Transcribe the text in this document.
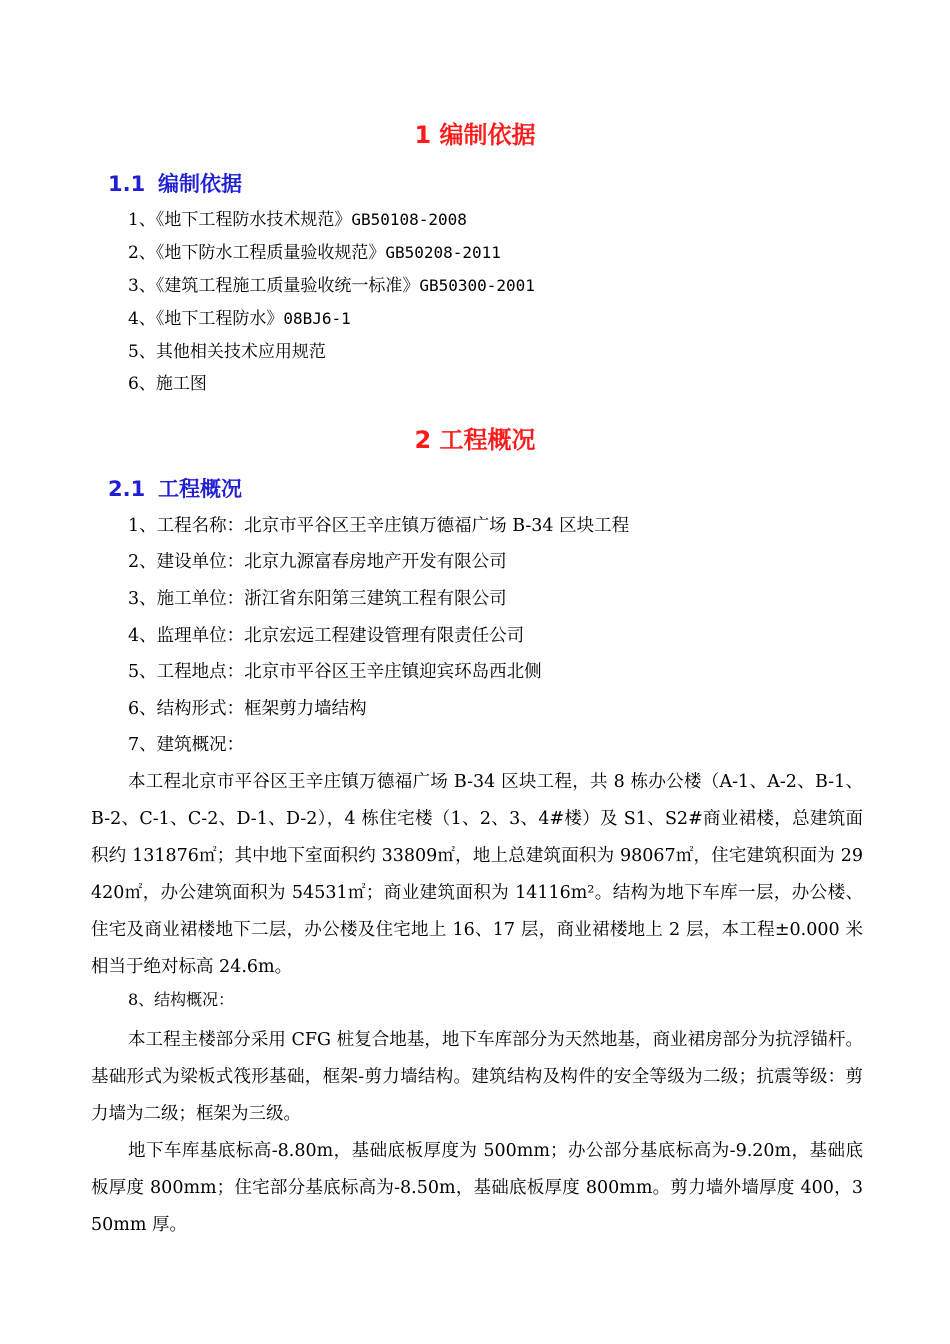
1 编制依据
1.1 编制依据
1、《地下工程防水技术规范》GB50108-2008
2、《地下防水工程质量验收规范》GB50208-2011
3、《建筑工程施工质量验收统一标准》GB50300-2001
4、《地下工程防水》08BJ6-1
5、其他相关技术应用规范
6、施工图
2 工程概况
2.1 工程概况
1、工程名称：北京市平谷区王辛庄镇万德福广场 B-34 区块工程
2、建设单位：北京九源富春房地产开发有限公司
3、施工单位：浙江省东阳第三建筑工程有限公司
4、监理单位：北京宏远工程建设管理有限责任公司
5、工程地点：北京市平谷区王辛庄镇迎宾环岛西北侧
6、结构形式：框架剪力墙结构
7、建筑概况：
本工程北京市平谷区王辛庄镇万德福广场 B-34 区块工程，共 8 栋办公楼（A-1、A-2、B-1、B-2、C-1、C-2、D-1、D-2），4 栋住宅楼（1、2、3、4#楼）及 S1、S2#商业裙楼，总建筑面积约 131876㎡；其中地下室面积约 33809㎡，地上总建筑面积为 98067㎡，住宅建筑积面为 29420㎡，办公建筑面积为 54531㎡；商业建筑面积为 14116m²。结构为地下车库一层，办公楼、住宅及商业裙楼地下二层，办公楼及住宅地上 16、17 层，商业裙楼地上 2 层，本工程±0.000 米相当于绝对标高 24.6m。
8、结构概况：
本工程主楼部分采用 CFG 桩复合地基，地下车库部分为天然地基，商业裙房部分为抗浮锚杆。基础形式为梁板式筏形基础，框架-剪力墙结构。建筑结构及构件的安全等级为二级；抗震等级：剪力墙为二级；框架为三级。
地下车库基底标高-8.80m，基础底板厚度为 500mm；办公部分基底标高为-9.20m，基础底板厚度 800mm；住宅部分基底标高为-8.50m，基础底板厚度 800mm。剪力墙外墙厚度 400，350mm 厚。
